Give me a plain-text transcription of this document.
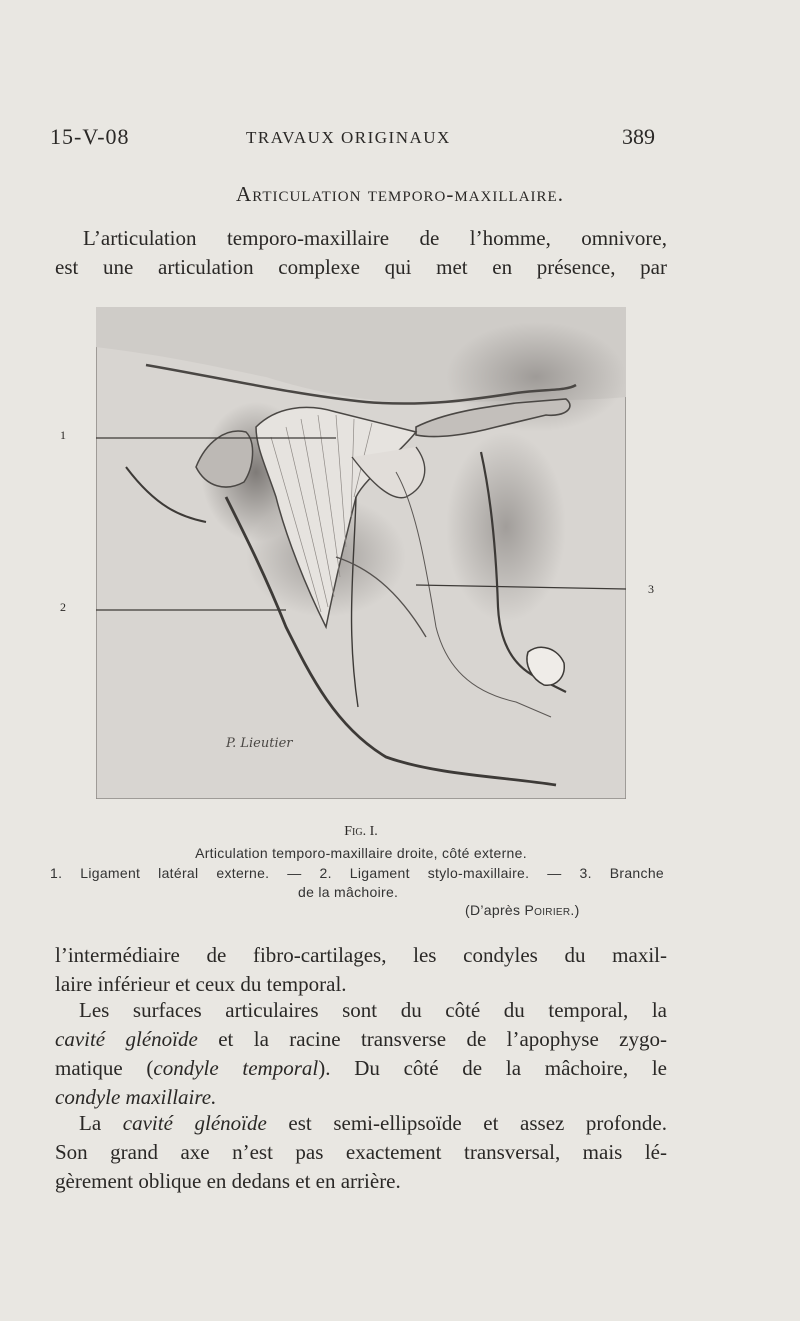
15-V-08	TRAVAUX ORIGINAUX	389
Articulation temporo-maxillaire.
L’articulation temporo-maxillaire de l’homme, omnivore,
est une articulation complexe qui met en présence, par
P. Lieutier
1
2
3
Fig. I.
Articulation temporo-maxillaire droite, côté externe.
1. Ligament latéral externe. — 2. Ligament stylo-maxillaire. — 3. Branche
de la mâchoire.
(D’après Poirier.)
l’intermédiaire de fibro-cartilages, les condyles du maxil-
laire inférieur et ceux du temporal.
Les surfaces articulaires sont du côté du temporal, la
cavité glénoïde et la racine transverse de l’apophyse zygo-
matique (condyle temporal). Du côté de la mâchoire, le
condyle maxillaire.
La cavité glénoïde est semi-ellipsoïde et assez profonde.
Son grand axe n’est pas exactement transversal, mais lé-
gèrement oblique en dedans et en arrière.
